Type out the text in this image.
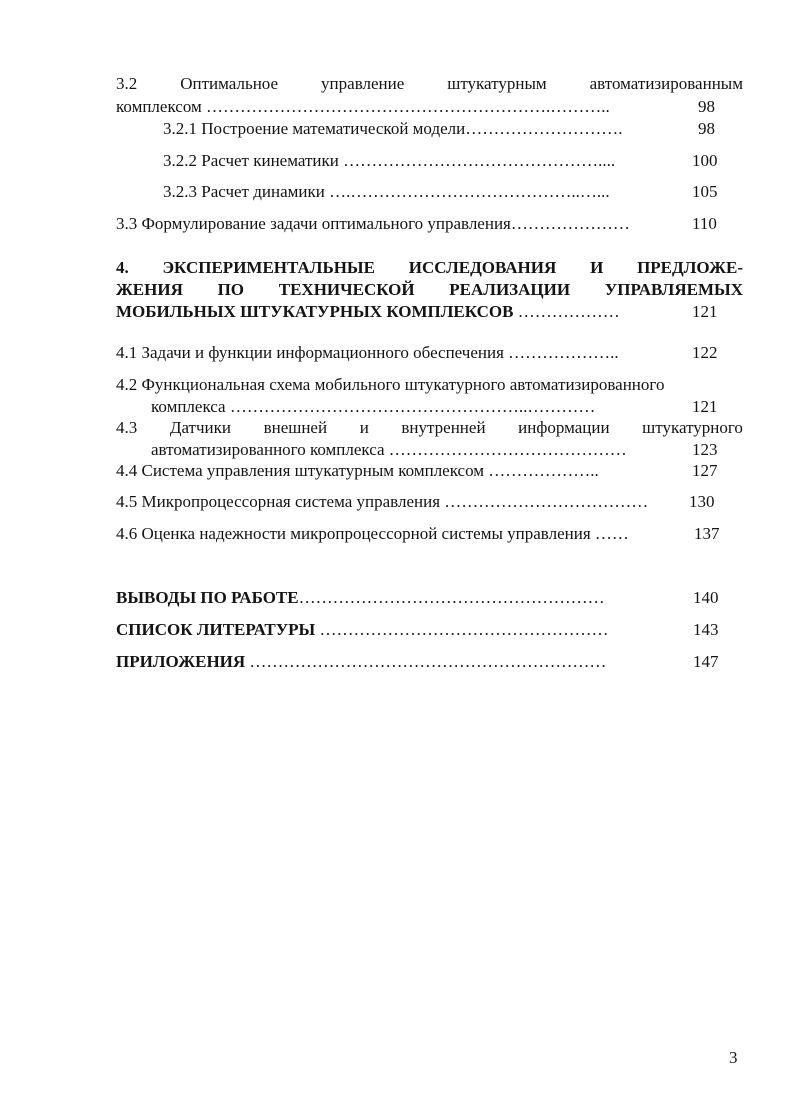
3.2	Оптимальное	управление	штукатурным	автоматизированным
комплексом …………………………………………………….………..	98
3.2.1 Построение математической модели……………………….	98
3.2.2 Расчет кинематики ………………………………………....	100
3.2.3 Расчет динамики ….…………………………………..…...	105
3.3 Формулирование задачи оптимального управления…………………	110
4. ЭКСПЕРИМЕНТАЛЬНЫЕ ИССЛЕДОВАНИЯ И ПРЕДЛОЖЕ-
ЖЕНИЯ ПО ТЕХНИЧЕСКОЙ РЕАЛИЗАЦИИ УПРАВЛЯЕМЫХ
МОБИЛЬНЫХ ШТУКАТУРНЫХ КОМПЛЕКСОВ ………………	121
4.1 Задачи и функции информационного обеспечения ………………..	122
4.2 Функциональная схема мобильного штукатурного автоматизированного
комплекса ……………………………………………..…………	121
4.3 Датчики внешней и внутренней информации штукатурного
автоматизированного комплекса ……………………………………	123
4.4 Система управления штукатурным комплексом ………………..	127
4.5 Микропроцессорная система управления ……………………………… 130
4.6 Оценка надежности микропроцессорной системы управления ……	137
ВЫВОДЫ ПО РАБОТЕ………………………………………………	140
СПИСОК ЛИТЕРАТУРЫ ……………………………………………	143
ПРИЛОЖЕНИЯ ………………………………………………………	147
3
